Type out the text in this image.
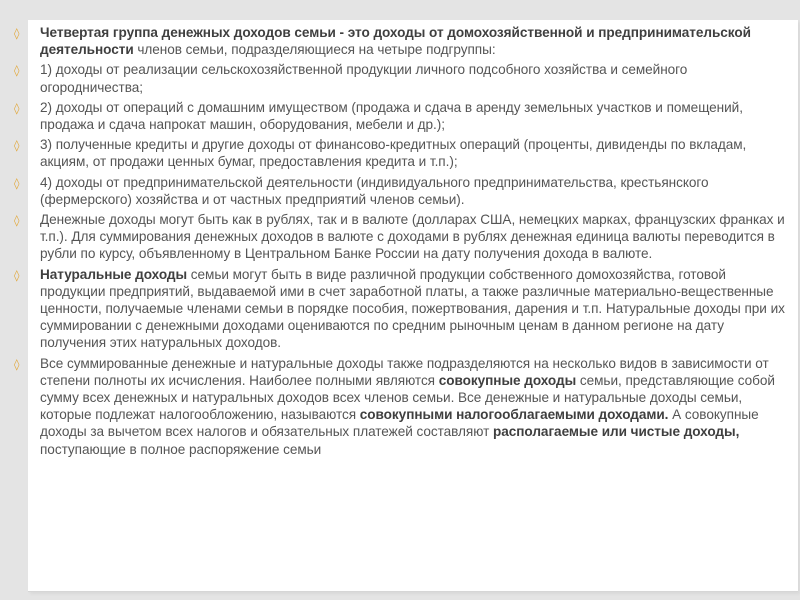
◊ Четвертая группа денежных доходов семьи - это доходы от домохозяйственной и предпринимательской деятельности членов семьи, подразделяющиеся на четыре подгруппы:
◊ 1) доходы от реализации сельскохозяйственной продукции личного подсобного хозяйства и семейного огородничества;
◊ 2) доходы от операций с домашним имуществом (продажа и сдача в аренду земельных участков и помещений, продажа и сдача напрокат машин, оборудования, мебели и др.);
◊ 3) полученные кредиты и другие доходы от финансово-кредитных операций (проценты, дивиденды по вкладам, акциям, от продажи ценных бумаг, предоставления кредита и т.п.);
◊ 4) доходы от предпринимательской деятельности (индивидуального предпринимательства, крестьянского (фермерского) хозяйства и от частных предприятий членов семьи).
◊ Денежные доходы могут быть как в рублях, так и в валюте (долларах США, немецких марках, французских франках и т.п.). Для суммирования денежных доходов в валюте с доходами в рублях денежная единица валюты переводится в рубли по курсу, объявленному в Центральном Банке России на дату получения дохода в валюте.
◊ Натуральные доходы семьи могут быть в виде различной продукции собственного домохозяйства, готовой продукции предприятий, выдаваемой ими в счет заработной платы, а также различные материально-вещественные ценности, получаемые членами семьи в порядке пособия, пожертвования, дарения и т.п. Натуральные доходы при их суммировании с денежными доходами оцениваются по средним рыночным ценам в данном регионе на дату получения этих натуральных доходов.
◊ Все суммированные денежные и натуральные доходы также подразделяются на несколько видов в зависимости от степени полноты их исчисления. Наиболее полными являются совокупные доходы семьи, представляющие собой сумму всех денежных и натуральных доходов всех членов семьи. Все денежные и натуральные доходы семьи, которые подлежат налогообложению, называются совокупными налогооблагаемыми доходами. А совокупные доходы за вычетом всех налогов и обязательных платежей составляют располагаемые или чистые доходы, поступающие в полное распоряжение семьи
